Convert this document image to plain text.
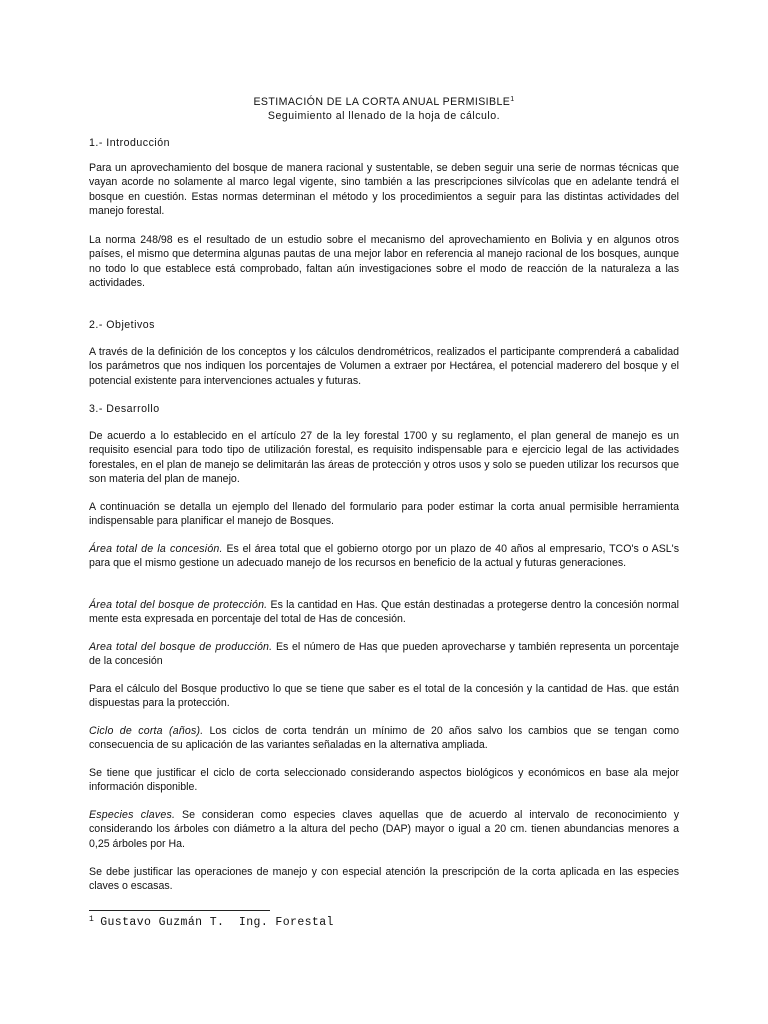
ESTIMACIÓN DE LA CORTA ANUAL PERMISIBLE$^1$
Seguimiento al llenado de la hoja de cálculo.
1.- Introducción

Para un aprovechamiento del bosque de manera racional y sustentable, se deben seguir una serie de normas técnicas que vayan acorde no solamente al marco legal vigente, sino también a las prescripciones silvícolas que en adelante tendrá el bosque en cuestión. Estas normas determinan el método y los procedimientos a seguir para las distintas actividades del manejo forestal.

La norma 248/98 es el resultado de un estudio sobre el mecanismo del aprovechamiento en Bolivia y en algunos otros países, el mismo que determina algunas pautas de una mejor labor en referencia al manejo racional de los bosques, aunque no todo lo que establece está comprobado, faltan aún investigaciones sobre el modo de reacción de la naturaleza a las actividades.

2.- Objetivos

A través de la definición de los conceptos y los cálculos dendrométricos, realizados el participante comprenderá a cabalidad los parámetros que nos indiquen los porcentajes de Volumen a extraer por Hectárea, el potencial maderero del bosque y el potencial existente para intervenciones actuales y futuras.

3.- Desarrollo

De acuerdo a lo establecido en el artículo 27 de la ley forestal 1700 y su reglamento, el plan general de manejo es un requisito esencial para todo tipo de utilización forestal, es requisito indispensable para e ejercicio legal de las actividades forestales, en el plan de manejo se delimitarán las áreas de protección y otros usos y solo se pueden utilizar los recursos que son materia del plan de manejo.

A continuación se detalla un ejemplo del llenado del formulario para poder estimar la corta anual permisible herramienta indispensable para planificar el manejo de Bosques.

Área total de la concesión. Es el área total que el gobierno otorgo por un plazo de 40 años al empresario, TCO's o ASL's para que el mismo gestione un adecuado manejo de los recursos en beneficio de la actual y futuras generaciones.

Área total del bosque de protección. Es la cantidad en Has. Que están destinadas a protegerse dentro la concesión normal mente esta expresada en porcentaje del total de Has de concesión.

Area total del bosque de producción. Es el número de Has que pueden aprovecharse y también representa un porcentaje de la concesión

Para el cálculo del Bosque productivo lo que se tiene que saber es el total de la concesión y la cantidad de Has. que están dispuestas para la protección.

Ciclo de corta (años). Los ciclos de corta tendrán un mínimo de 20 años salvo los cambios que se tengan como consecuencia de su aplicación de las variantes señaladas en la alternativa ampliada.

Se tiene que justificar el ciclo de corta seleccionado considerando aspectos biológicos y económicos en base ala mejor información disponible.

Especies claves. Se consideran como especies claves aquellas que de acuerdo al intervalo de reconocimiento y considerando los árboles con diámetro a la altura del pecho (DAP) mayor o igual a 20 cm. tienen abundancias menores a 0,25 árboles por Ha.

Se debe justificar las operaciones de manejo y con especial atención la prescripción de la corta aplicada en las especies claves o escasas.

$^1$ Gustavo Guzmán T.  Ing. Forestal
